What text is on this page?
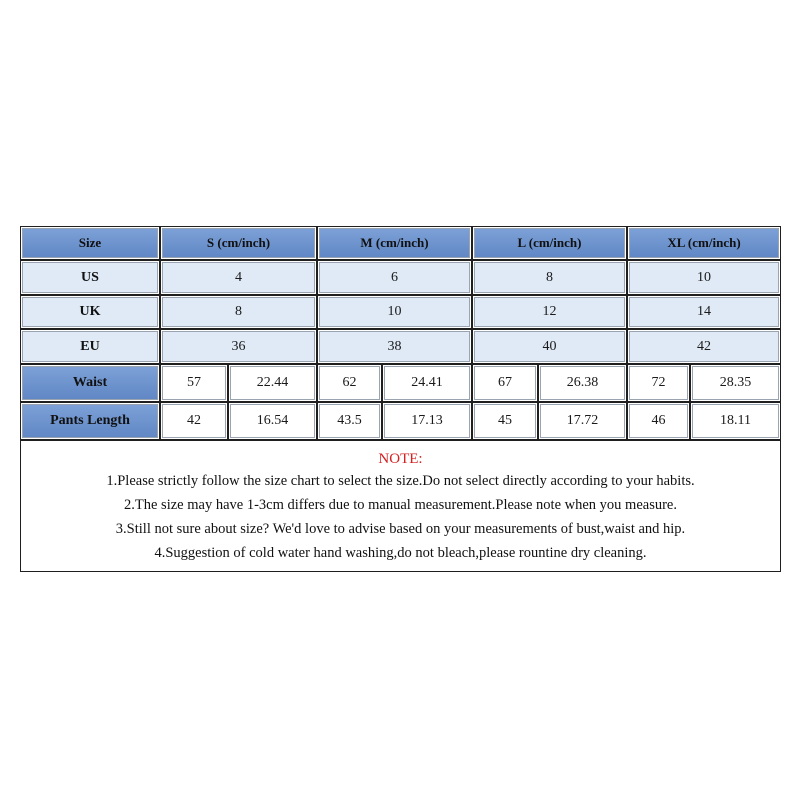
Size	S (cm/inch)	M (cm/inch)	L (cm/inch)	XL (cm/inch)
US	4	6	8	10
UK	8	10	12	14
EU	36	38	40	42
Waist	57	22.44	62	24.41	67	26.38	72	28.35
Pants Length	42	16.54	43.5	17.13	45	17.72	46	18.11
NOTE:
1.Please strictly follow the size chart to select the size.Do not select directly according to your habits.
2.The size may have 1-3cm differs due to manual measurement.Please note when you measure.
3.Still not sure about size? We'd love to advise based on your measurements of bust,waist and hip.
4.Suggestion of cold water hand washing,do not bleach,please rountine dry cleaning.
